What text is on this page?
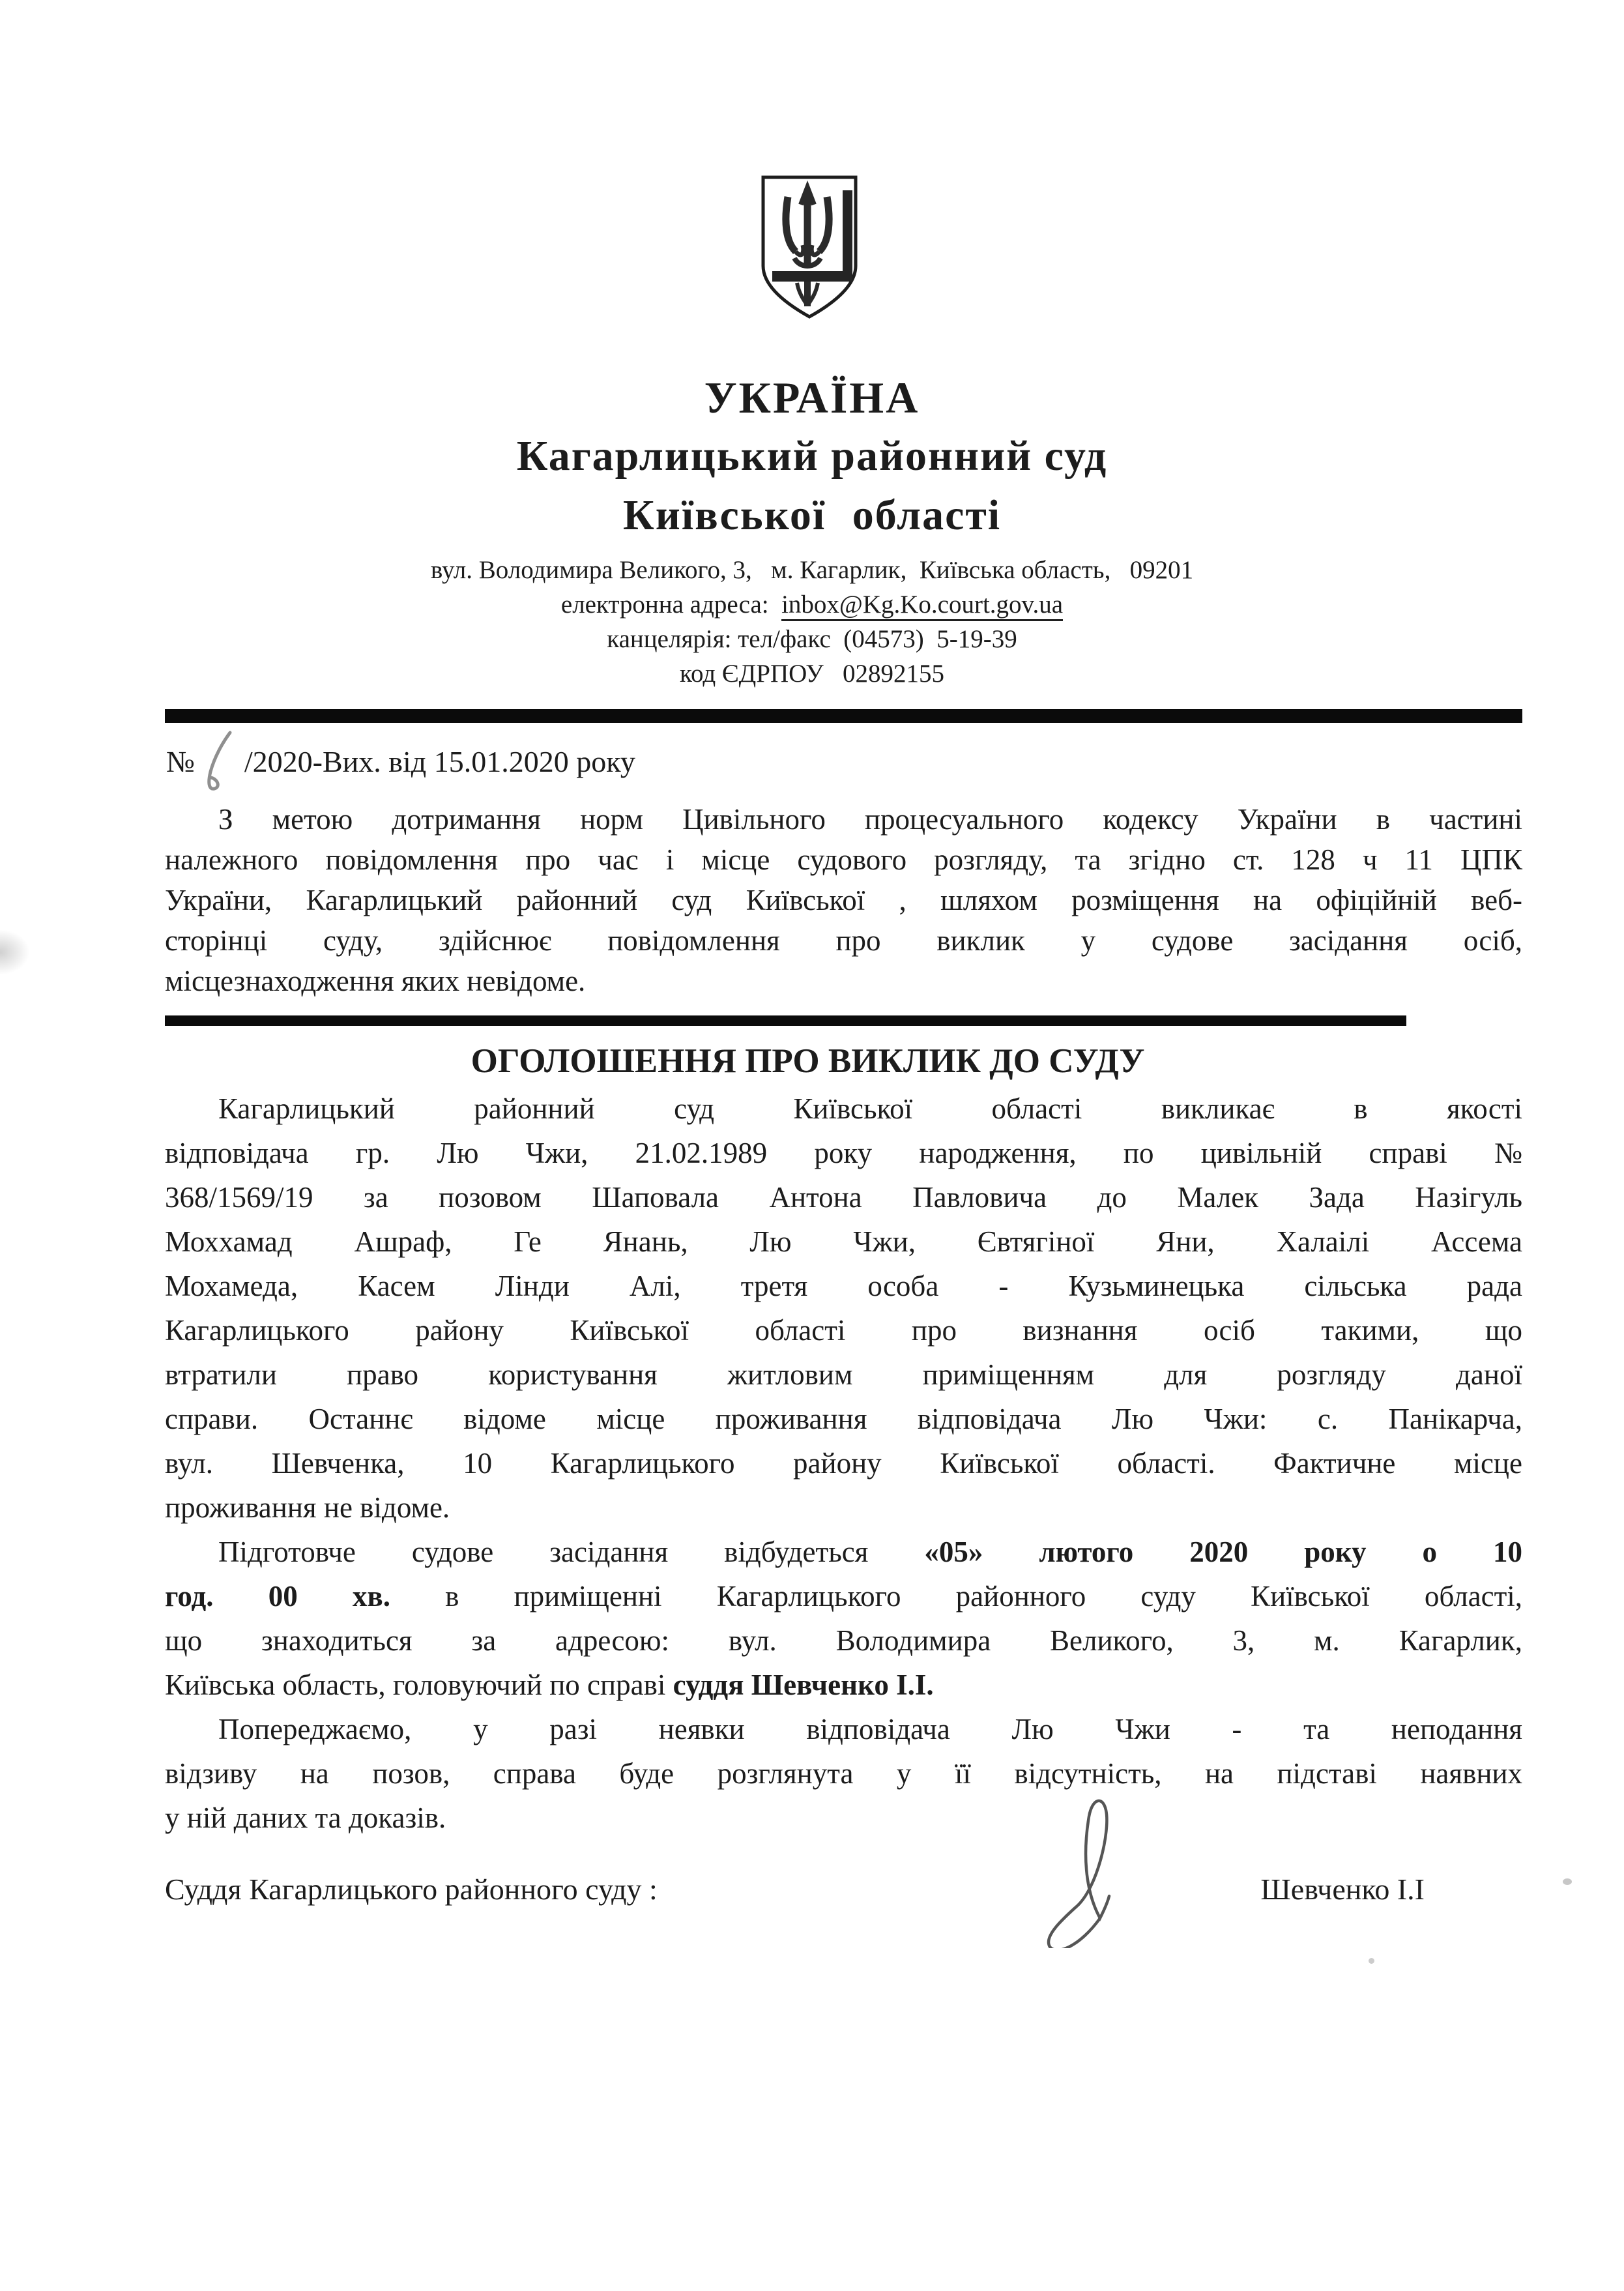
УКРАЇНА
Кагарлицький районний суд
Київської області
вул. Володимира Великого, 3,   м. Кагарлик,  Київська область,   09201
електронна адреса:  inbox@Kg.Ko.court.gov.ua
канцелярія: тел/факс  (04573)  5-19-39
код ЄДРПОУ   02892155
№ /2020-Вих. від 15.01.2020 року
З метою дотримання норм Цивільного процесуального кодексу України в частині
належного повідомлення про час і місце судового розгляду, та згідно ст. 128 ч 11 ЦПК
України, Кагарлицький районний суд Київської , шляхом розміщення на офіційній веб-
сторінці суду, здійснює повідомлення про виклик у судове засідання осіб,
місцезнаходження яких невідоме.
ОГОЛОШЕННЯ ПРО ВИКЛИК ДО СУДУ
Кагарлицький районний суд Київської області викликає в якості
відповідача гр. Лю Чжи, 21.02.1989 року народження, по цивільній справі №
368/1569/19 за позовом Шаповала Антона Павловича до Малек Зада Назігуль
Моххамад Ашраф, Ге Янань, Лю Чжи, Євтягіної Яни, Халаілі Ассема
Мохамеда, Касем Лінди Алі, третя особа - Кузьминецька сільська рада
Кагарлицького району Київської області про визнання осіб такими, що
втратили право користування житловим приміщенням для розгляду даної
справи. Останнє відоме місце проживання відповідача Лю Чжи: с. Панікарча,
вул. Шевченка, 10 Кагарлицького району Київської області. Фактичне місце
проживання не відоме.
Підготовче судове засідання відбудеться «05» лютого 2020 року о 10
год. 00 хв. в приміщенні Кагарлицького районного суду Київської області,
що знаходиться за адресою: вул. Володимира Великого, 3, м. Кагарлик,
Київська область, головуючий по справі суддя Шевченко І.І.
Попереджаємо, у разі неявки відповідача Лю Чжи - та неподання
відзиву на позов, справа буде розглянута у її відсутність, на підставі наявних
у ній даних та доказів.
Суддя Кагарлицького районного суду :	Шевченко І.І
